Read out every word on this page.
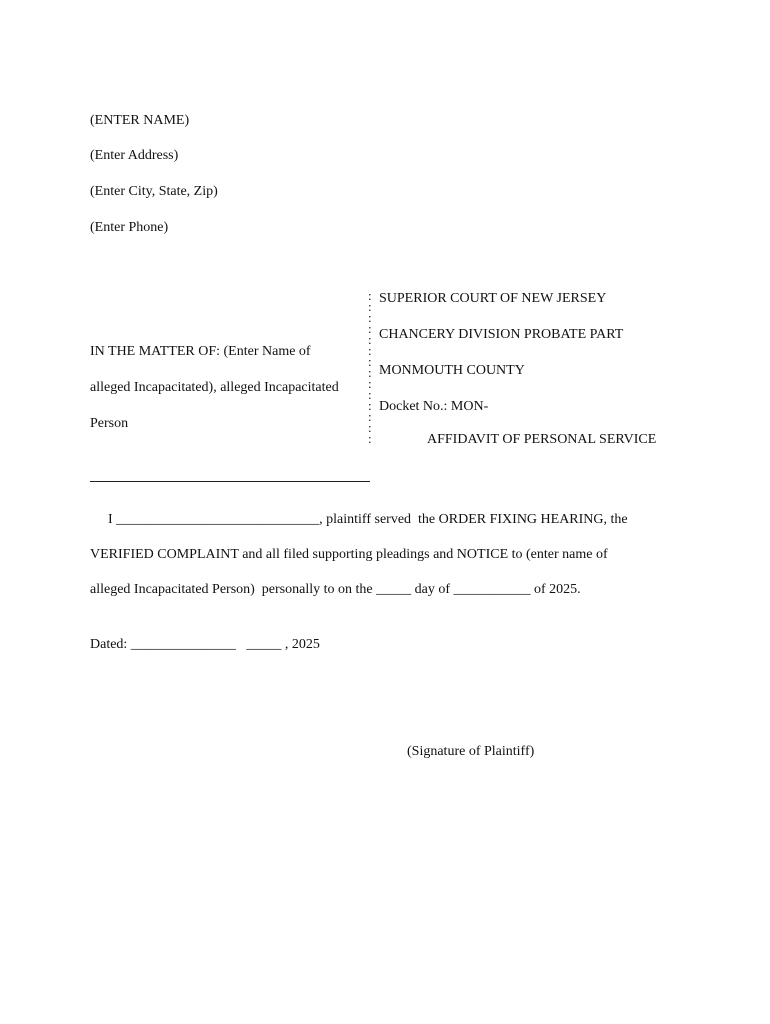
(ENTER NAME)
(Enter Address)
(Enter City, State, Zip)
(Enter Phone)
IN THE MATTER OF: (Enter Name of
alleged Incapacitated), alleged Incapacitated
Person
:
:
:
:
:
:
:
:
:
:
:
:
:
:
SUPERIOR COURT OF NEW JERSEY
CHANCERY DIVISION PROBATE PART
MONMOUTH COUNTY
Docket No.: MON-
AFFIDAVIT OF PERSONAL SERVICE
I _____________________________, plaintiff served  the ORDER FIXING HEARING, the
VERIFIED COMPLAINT and all filed supporting pleadings and NOTICE to (enter name of
alleged Incapacitated Person)  personally to on the _____ day of ___________ of 2025.
Dated: _______________   _____ , 2025
(Signature of Plaintiff)
